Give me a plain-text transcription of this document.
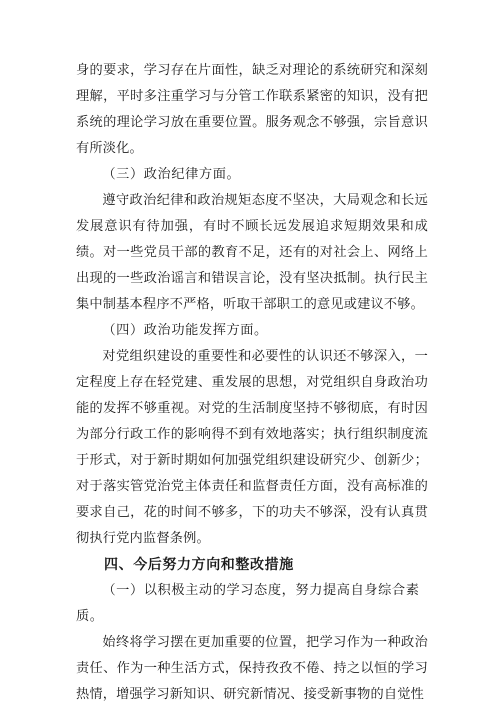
身的要求，学习存在片面性，缺乏对理论的系统研究和深刻理解，平时多注重学习与分管工作联系紧密的知识，没有把系统的理论学习放在重要位置。服务观念不够强，宗旨意识有所淡化。

（三）政治纪律方面。

遵守政治纪律和政治规矩态度不坚决，大局观念和长远发展意识有待加强，有时不顾长远发展追求短期效果和成绩。对一些党员干部的教育不足，还有的对社会上、网络上出现的一些政治谣言和错误言论，没有坚决抵制。执行民主集中制基本程序不严格，听取干部职工的意见或建议不够。

（四）政治功能发挥方面。

对党组织建设的重要性和必要性的认识还不够深入，一定程度上存在轻党建、重发展的思想，对党组织自身政治功能的发挥不够重视。对党的生活制度坚持不够彻底，有时因为部分行政工作的影响得不到有效地落实；执行组织制度流于形式，对于新时期如何加强党组织建设研究少、创新少；对于落实管党治党主体责任和监督责任方面，没有高标准的要求自己，花的时间不够多，下的功夫不够深，没有认真贯彻执行党内监督条例。

四、今后努力方向和整改措施

（一）以积极主动的学习态度，努力提高自身综合素质。

始终将学习摆在更加重要的位置，把学习作为一种政治责任、作为一种生活方式，保持孜孜不倦、持之以恒的学习热情，增强学习新知识、研究新情况、接受新事物的自觉性
